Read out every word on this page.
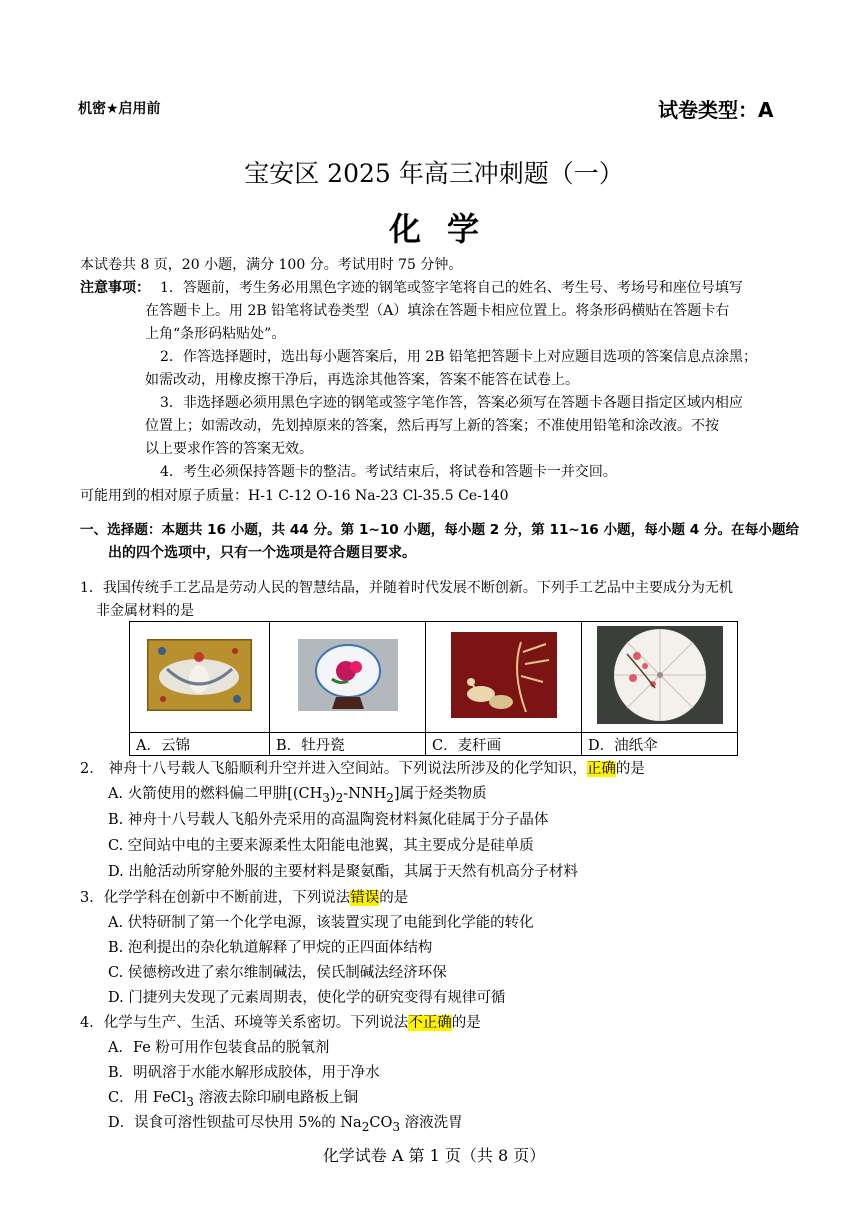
机密★启用前	试卷类型：A
宝安区 2025 年高三冲刺题（一）
化学
本试卷共 8 页，20 小题，满分 100 分。考试用时 75 分钟。
注意事项： 1．答题前，考生务必用黑色字迹的钢笔或签字笔将自己的姓名、考生号、考场号和座位号填写
在答题卡上。用 2B 铅笔将试卷类型（A）填涂在答题卡相应位置上。将条形码横贴在答题卡右
上角“条形码粘贴处”。
2．作答选择题时，选出每小题答案后，用 2B 铅笔把答题卡上对应题目选项的答案信息点涂黑；
如需改动，用橡皮擦干净后，再选涂其他答案，答案不能答在试卷上。
3．非选择题必须用黑色字迹的钢笔或签字笔作答，答案必须写在答题卡各题目指定区域内相应
位置上；如需改动，先划掉原来的答案，然后再写上新的答案；不准使用铅笔和涂改液。不按
以上要求作答的答案无效。
4．考生必须保持答题卡的整洁。考试结束后，将试卷和答题卡一并交回。
可能用到的相对原子质量：H-1 C-12 O-16 Na-23 Cl-35.5 Ce-140
一、选择题：本题共 16 小题，共 44 分。第 1~10 小题，每小题 2 分，第 11~16 小题，每小题 4 分。在每小题给
出的四个选项中，只有一个选项是符合题目要求。
1．我国传统手工艺品是劳动人民的智慧结晶，并随着时代发展不断创新。下列手工艺品中主要成分为无机
非金属材料的是

A．云锦	B．牡丹瓷	C．麦秆画	D．油纸伞
2． 神舟十八号载人飞船顺利升空并进入空间站。下列说法所涉及的化学知识，正确的是
A. 火箭使用的燃料偏二甲肼$[(CH_3)_2-NNH_2]$属于烃类物质
B. 神舟十八号载人飞船外壳采用的高温陶瓷材料氮化硅属于分子晶体
C. 空间站中电的主要来源柔性太阳能电池翼，其主要成分是硅单质
D. 出舱活动所穿舱外服的主要材料是聚氨酯，其属于天然有机高分子材料
3．化学学科在创新中不断前进，下列说法错误的是
A. 伏特研制了第一个化学电源，该装置实现了电能到化学能的转化
B. 泡利提出的杂化轨道解释了甲烷的正四面体结构
C. 侯德榜改进了索尔维制碱法，侯氏制碱法经济环保
D. 门捷列夫发现了元素周期表，使化学的研究变得有规律可循
4．化学与生产、生活、环境等关系密切。下列说法不正确的是
A．Fe 粉可用作包装食品的脱氧剂
B．明矾溶于水能水解形成胶体，用于净水
C．用 FeCl$_3$ 溶液去除印刷电路板上铜
D．误食可溶性钡盐可尽快用 5%的 $Na_2CO_3$ 溶液洗胃
化学试卷 A 第 1 页（共 8 页）
